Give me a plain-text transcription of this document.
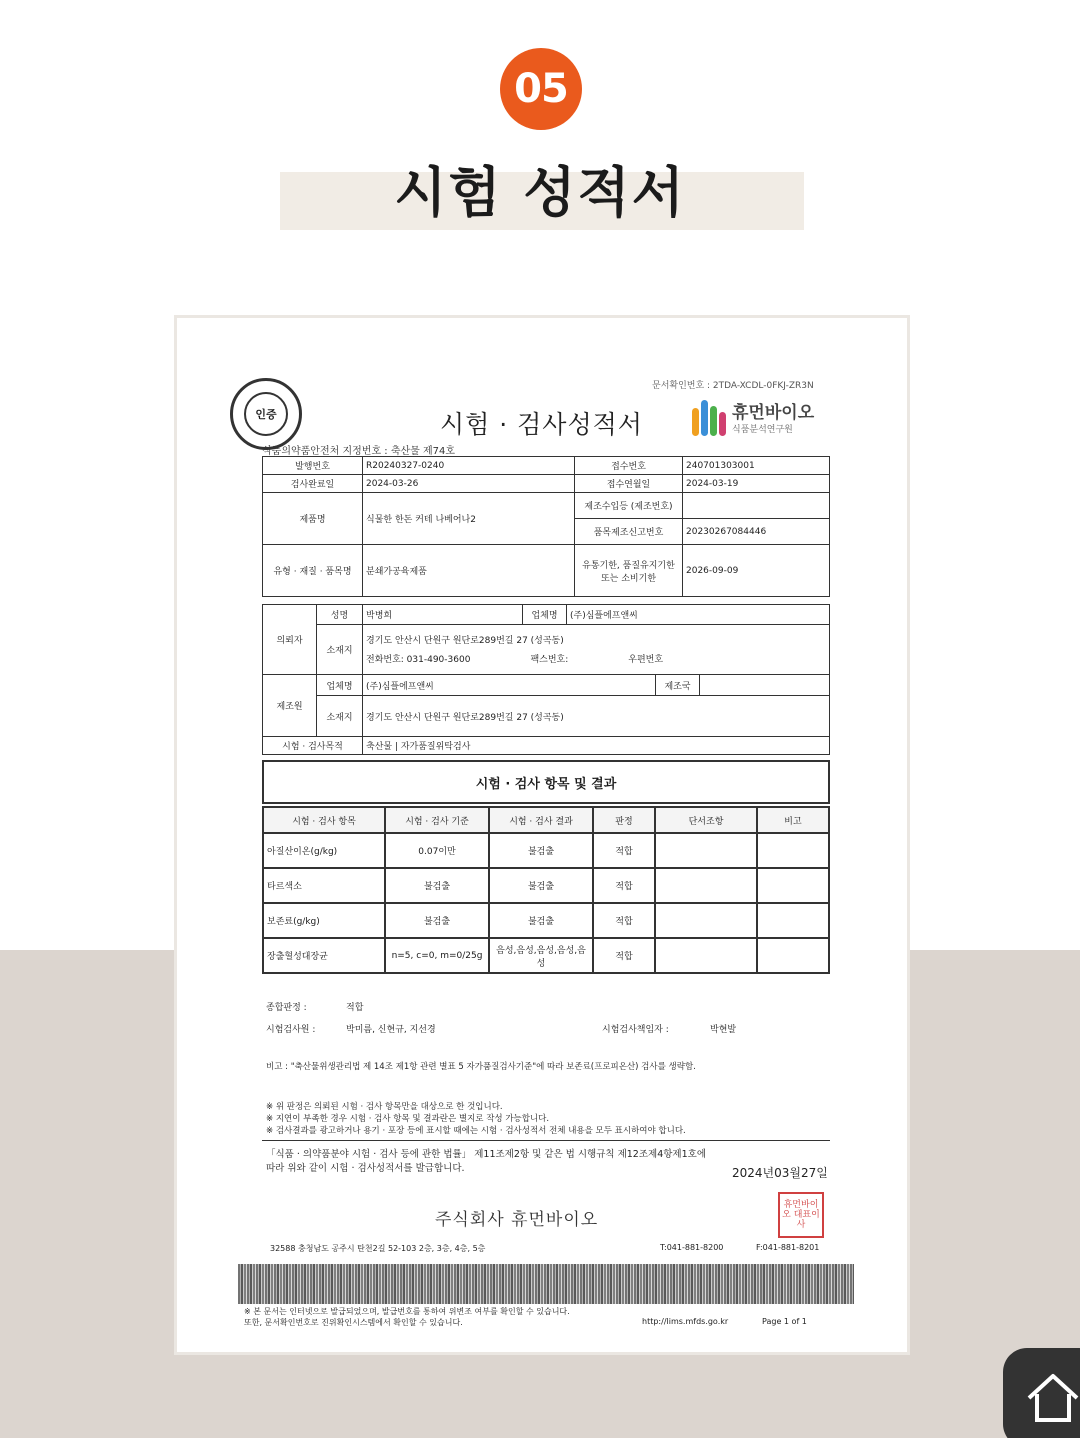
05
시험 성적서
인증
문서확인번호 : 2TDA-XCDL-0FKJ-ZR3N
시험 · 검사성적서	휴먼바이오
식품분석연구원
식품의약품안전처 지정번호 : 축산물 제74호
발행번호	R20240327-0240	접수번호	240701303001
검사완료일	2024-03-26	접수연월일	2024-03-19
제품명	식물한 한돈 커테 나베어나2	제조수입등 (제조번호)	
		품목제조신고번호	20230267084446
유형 · 재질 · 품목명	분쇄가공육제품	유통기한, 품질유지기한 또는 소비기한	2026-09-09
의뢰자	성명	박병희	업체명	(주)심플에프앤씨		
	소재지	경기도 안산시 단원구 원단로289번길 27 (성곡동)
전화번호: 031-490-3600 팩스번호: 우편번호				

제조원	업체명	(주)심플에프앤씨			제조국	
	소재지	경기도 안산시 단원구 원단로289번길 27 (성곡동)				
시험 · 검사목적		축산물 | 자가품질위탁검사				
시험 · 검사 항목 및 결과
시험 · 검사 항목	시험 · 검사 기준	시험 · 검사 결과	판정	단서조항	비고
아질산이온(g/kg)	0.07이만	불검출	적합		
타르색소	불검출	불검출	적합		
보존료(g/kg)	불검출	불검출	적합		
장출혈성대장균	n=5, c=0, m=0/25g	음성,음성,음성,음성,음성	적합		
종합판정 :	적합
시험검사원 :	박미름, 신현규, 지선경	시험검사책임자 :	박현발
비고 : "축산물위생관리법 제 14조 제1항 관련 별표 5 자가품질검사기준"에 따라 보존료(프로피온산) 검사를 생략함.
※ 위 판정은 의뢰된 시험 · 검사 항목만을 대상으로 한 것입니다.
※ 지연이 부족한 경우 시험 · 검사 항목 및 결과란은 별지로 작성 가능합니다.
※ 검사결과를 광고하거나 용기 · 포장 등에 표시할 때에는 시험 · 검사성적서 전체 내용을 모두 표시하여야 합니다.
「식품 · 의약품분야 시험 · 검사 등에 관한 법률」 제11조제2항 및 같은 법 시행규칙 제12조제4항제1호에
따라 위와 같이 시험 · 검사성적서를 발급합니다.	2024년03월27일
주식회사 휴먼바이오
휴먼바이오 대표이사
32588 충청남도 공주시 탄천2길 52-103 2층, 3층, 4층, 5층	T:041-881-8200	F:041-881-8201
※ 본 문서는 인터넷으로 발급되었으며, 발급번호를 통하여 위변조 여부를 확인할 수 있습니다.
또한, 문서확인번호로 진위확인시스템에서 확인할 수 있습니다.	http://lims.mfds.go.kr	Page 1 of 1
